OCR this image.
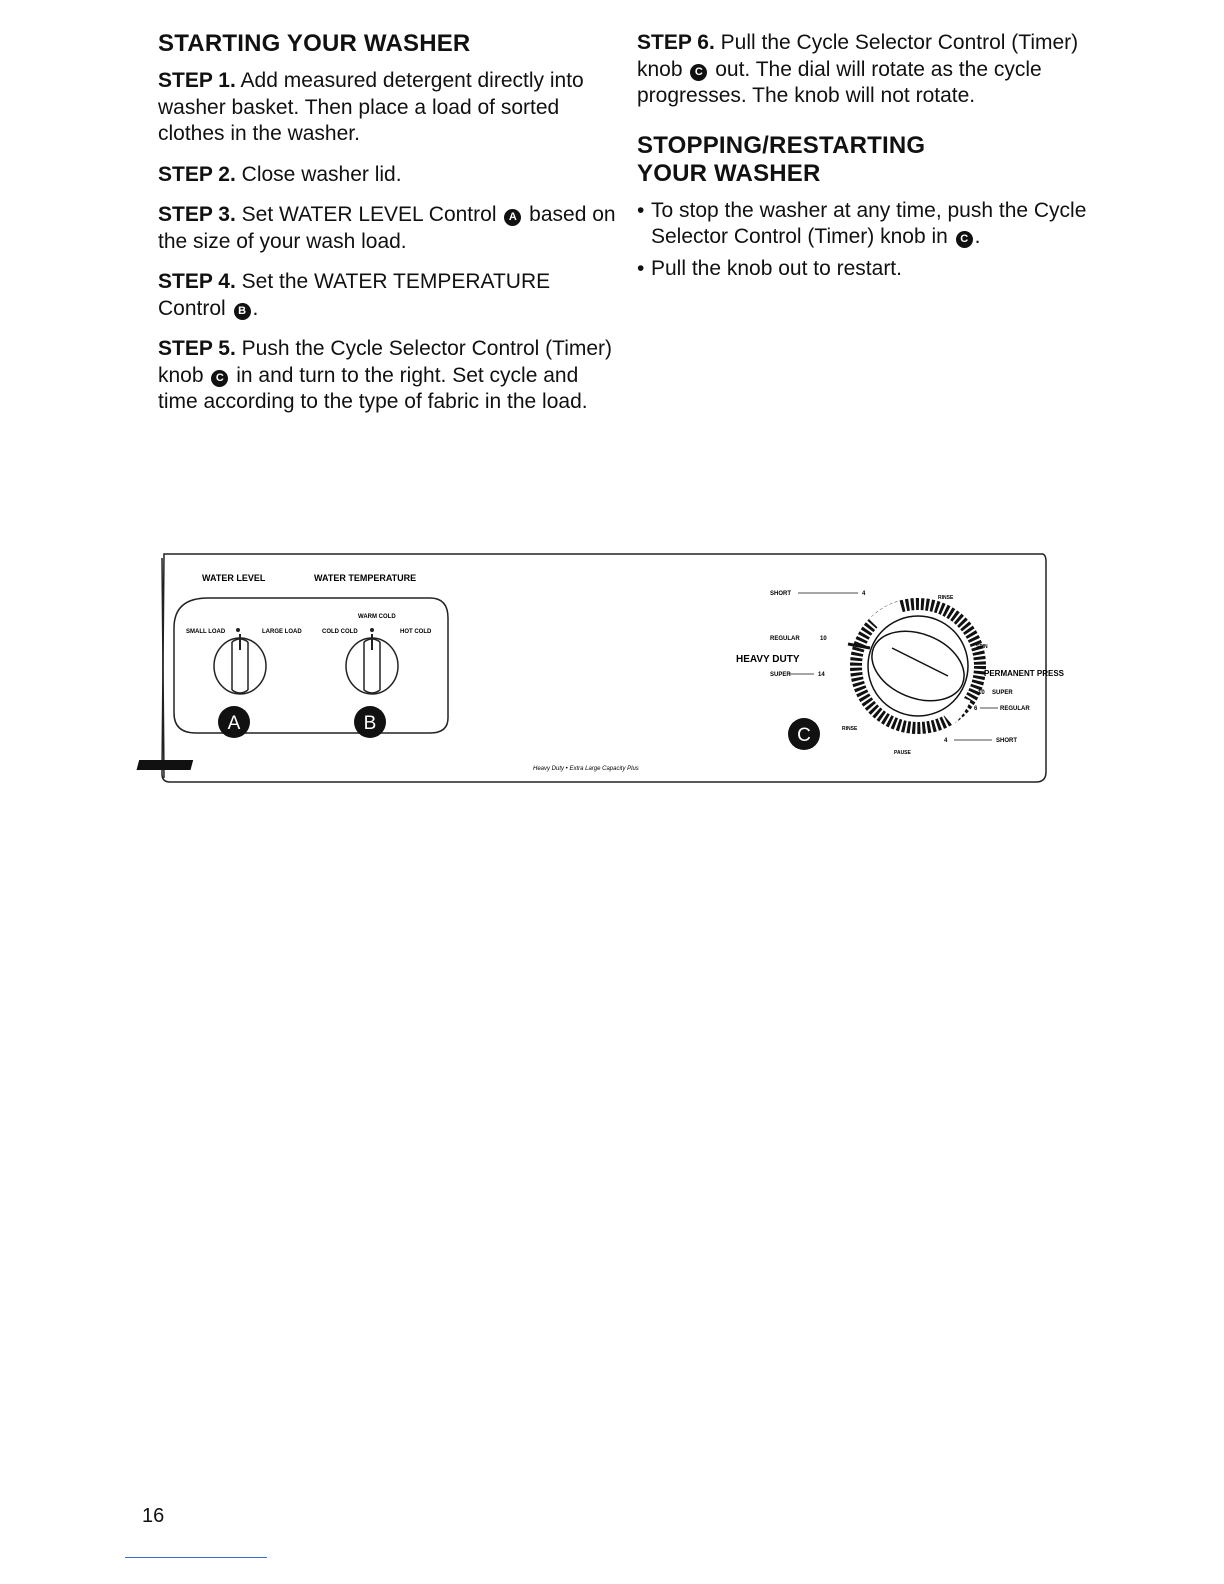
STARTING YOUR WASHER

STEP 1. Add measured detergent directly into washer basket. Then place a load of sorted clothes in the washer.

STEP 2. Close washer lid.

STEP 3. Set WATER LEVEL Control A based on the size of your wash load.

STEP 4. Set the WATER TEMPERATURE Control B .

STEP 5. Push the Cycle Selector Control (Timer) knob C in and turn to the right. Set cycle and time according to the type of fabric in the load.

STEP 6. Pull the Cycle Selector Control (Timer) knob C out. The dial will rotate as the cycle progresses. The knob will not rotate.

STOPPING/RESTARTING
YOUR WASHER
• To stop the washer at any time, push the Cycle Selector Control (Timer) knob in C .
• Pull the knob out to restart.
WATER LEVEL	WATER TEMPERATURE
SMALL LOAD	LARGE LOAD
WARM COLD
COLD COLD	HOT COLD
A	B
Kenmore	Heavy Duty • Extra Large Capacity Plus
SHORT	4
REGULAR	10
HEAVY DUTY
SUPER	14
RINSE
SPIN
PERMANENT PRESS
10 SUPER
6	REGULAR
4	SHORT
RINSE
PAUSE
C
16
